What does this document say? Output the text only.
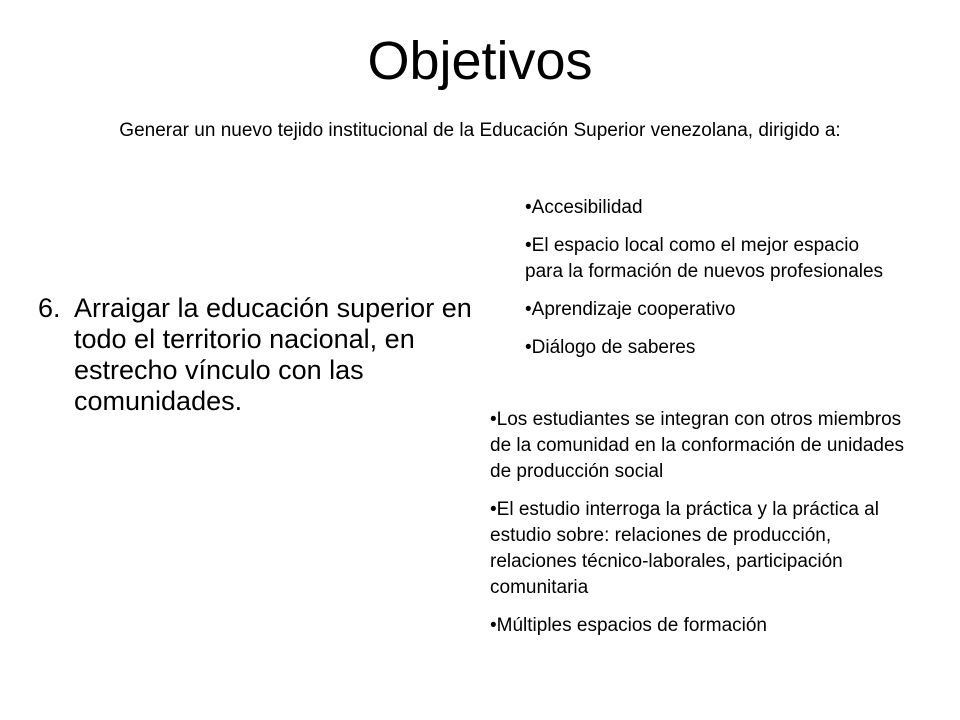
Objetivos

Generar un nuevo tejido institucional de la Educación Superior venezolana, dirigido a:

6. Arraigar la educación superior en todo el territorio nacional, en estrecho vínculo con las comunidades.
•Accesibilidad
•El espacio local como el mejor espacio para la formación de nuevos profesionales
•Aprendizaje cooperativo
•Diálogo de saberes
•Los estudiantes se integran con otros miembros de la comunidad en la conformación de unidades de producción social
•El estudio interroga la práctica y la práctica al estudio sobre: relaciones de producción, relaciones técnico-laborales, participación comunitaria
•Múltiples espacios de formación
